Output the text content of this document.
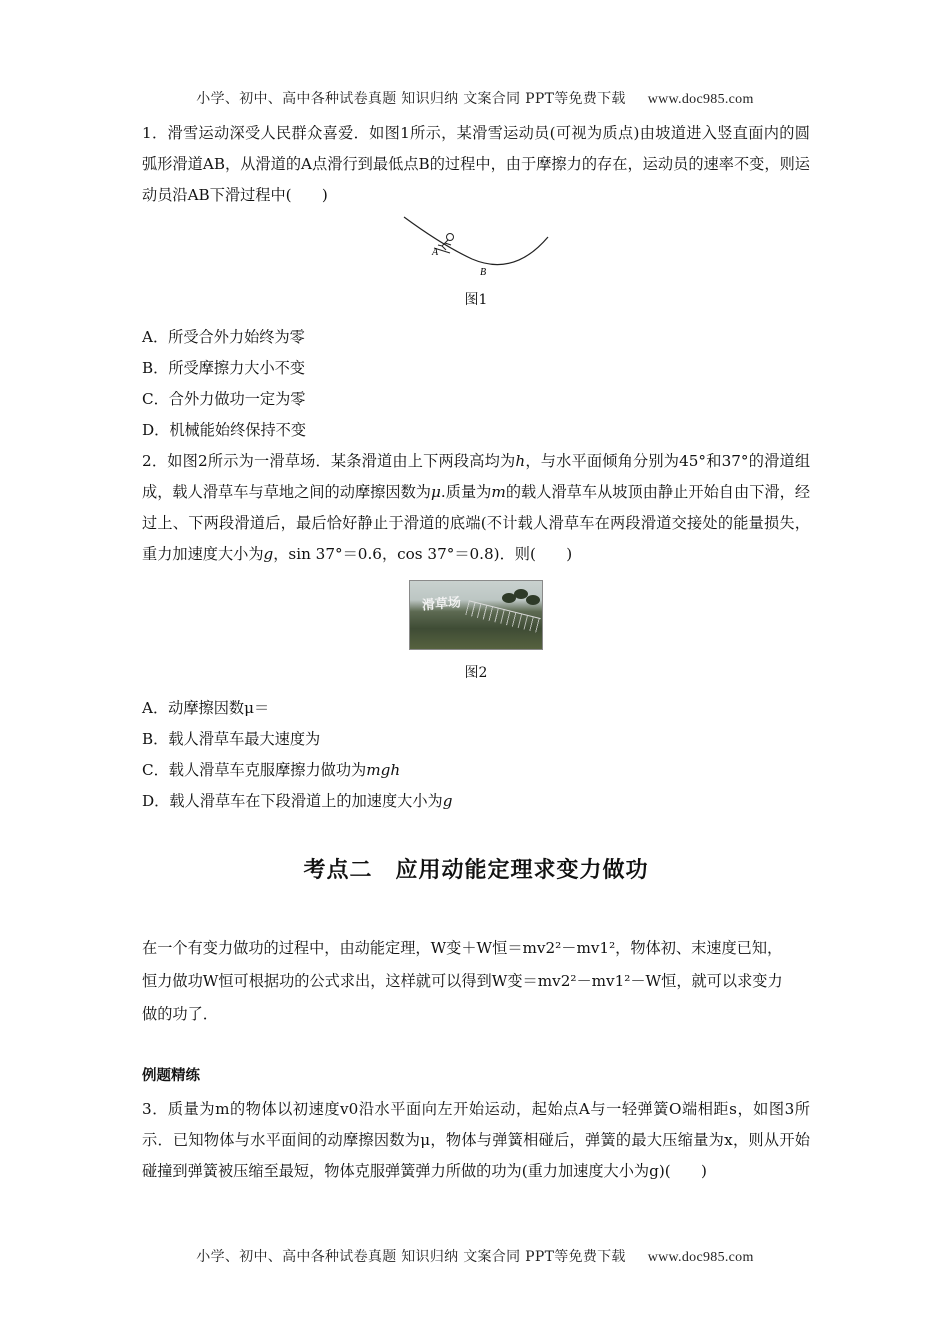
小学、初中、高中各种试卷真题 知识归纳 文案合同 PPT等免费下载 www.doc985.com

1．滑雪运动深受人民群众喜爱．如图1所示，某滑雪运动员(可视为质点)由坡道进入竖直面内的圆弧形滑道AB，从滑道的A点滑行到最低点B的过程中，由于摩擦力的存在，运动员的速率不变，则运动员沿AB下滑过程中(　　)

A
B

图1

A．所受合外力始终为零

B．所受摩擦力大小不变

C．合外力做功一定为零

D．机械能始终保持不变

2．如图2所示为一滑草场．某条滑道由上下两段高均为h，与水平面倾角分别为45°和37°的滑道组成，载人滑草车与草地之间的动摩擦因数为μ.质量为m的载人滑草车从坡顶由静止开始自由下滑，经过上、下两段滑道后，最后恰好静止于滑道的底端(不计载人滑草车在两段滑道交接处的能量损失，重力加速度大小为g，sin 37°＝0.6，cos 37°＝0.8)．则(　　)

滑草场

图2

A．动摩擦因数μ＝

B．载人滑草车最大速度为

C．载人滑草车克服摩擦力做功为mgh

D．载人滑草车在下段滑道上的加速度大小为g

考点二　应用动能定理求变力做功

在一个有变力做功的过程中，由动能定理，W变＋W恒＝mv2²－mv1²，物体初、末速度已知，

恒力做功W恒可根据功的公式求出，这样就可以得到W变＝mv2²－mv1²－W恒，就可以求变力

做的功了．

例题精练

3．质量为m的物体以初速度v0沿水平面向左开始运动，起始点A与一轻弹簧O端相距s，如图3所示．已知物体与水平面间的动摩擦因数为μ，物体与弹簧相碰后，弹簧的最大压缩量为x，则从开始碰撞到弹簧被压缩至最短，物体克服弹簧弹力所做的功为(重力加速度大小为g)(　　)

小学、初中、高中各种试卷真题 知识归纳 文案合同 PPT等免费下载 www.doc985.com
